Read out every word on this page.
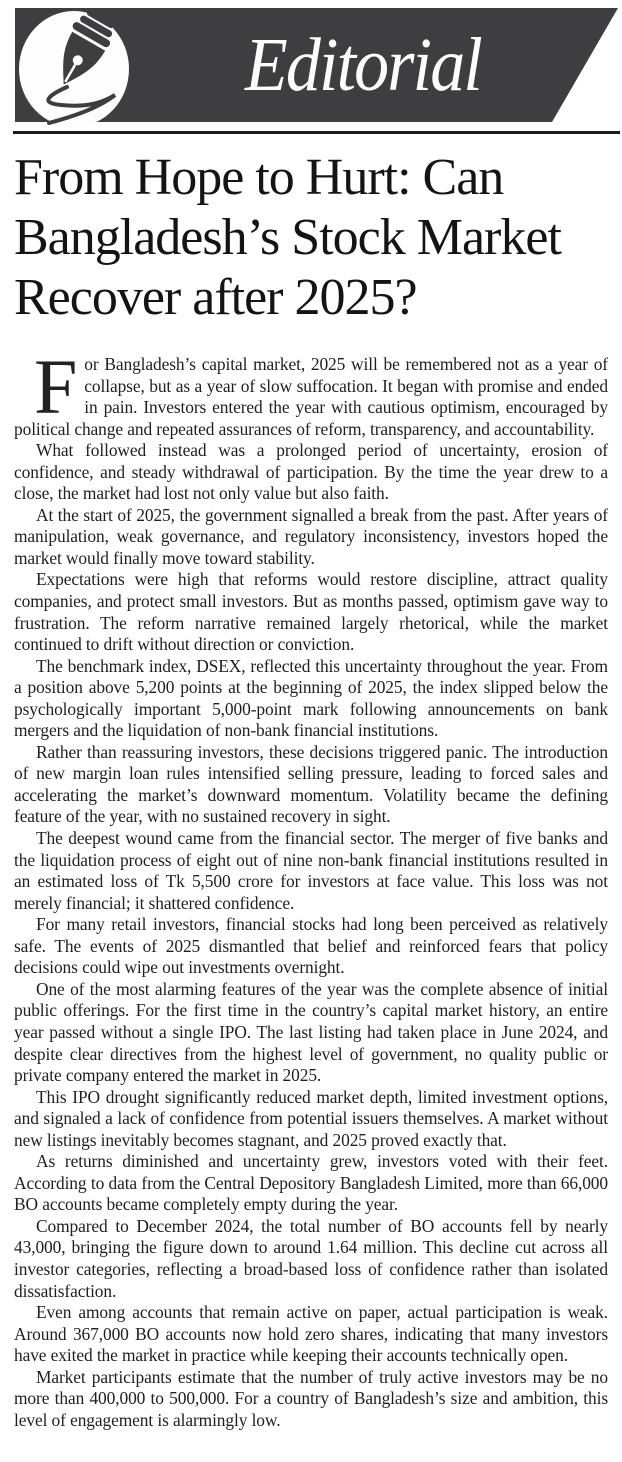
Editorial
From Hope to Hurt: Can
Bangladesh’s Stock Market
Recover after 2025?

For Bangladesh’s capital market, 2025 will be remembered not as a year of collapse, but as a year of slow suffocation. It began with promise and ended in pain. Investors entered the year with cautious optimism, encouraged by political change and repeated assurances of reform, transparency, and accountability.

What followed instead was a prolonged period of uncertainty, erosion of confidence, and steady withdrawal of participation. By the time the year drew to a close, the market had lost not only value but also faith.

At the start of 2025, the government signalled a break from the past. After years of manipulation, weak governance, and regulatory inconsistency, investors hoped the market would finally move toward stability.

Expectations were high that reforms would restore discipline, attract quality companies, and protect small investors. But as months passed, optimism gave way to frustration. The reform narrative remained largely rhetorical, while the market continued to drift without direction or conviction.

The benchmark index, DSEX, reflected this uncertainty throughout the year. From a position above 5,200 points at the beginning of 2025, the index slipped below the psychologically important 5,000-point mark following announcements on bank mergers and the liquidation of non-bank financial institutions.

Rather than reassuring investors, these decisions triggered panic. The introduction of new margin loan rules intensified selling pressure, leading to forced sales and accelerating the market’s downward momentum. Volatility became the defining feature of the year, with no sustained recovery in sight.

The deepest wound came from the financial sector. The merger of five banks and the liquidation process of eight out of nine non-bank financial institutions resulted in an estimated loss of Tk 5,500 crore for investors at face value. This loss was not merely financial; it shattered confidence.

For many retail investors, financial stocks had long been perceived as relatively safe. The events of 2025 dismantled that belief and reinforced fears that policy decisions could wipe out investments overnight.

One of the most alarming features of the year was the complete absence of initial public offerings. For the first time in the country’s capital market history, an entire year passed without a single IPO. The last listing had taken place in June 2024, and despite clear directives from the highest level of government, no quality public or private company entered the market in 2025.

This IPO drought significantly reduced market depth, limited investment options, and signaled a lack of confidence from potential issuers themselves. A market without new listings inevitably becomes stagnant, and 2025 proved exactly that.

As returns diminished and uncertainty grew, investors voted with their feet. According to data from the Central Depository Bangladesh Limited, more than 66,000 BO accounts became completely empty during the year.

Compared to December 2024, the total number of BO accounts fell by nearly 43,000, bringing the figure down to around 1.64 million. This decline cut across all investor categories, reflecting a broad-based loss of confidence rather than isolated dissatisfaction.

Even among accounts that remain active on paper, actual participation is weak. Around 367,000 BO accounts now hold zero shares, indicating that many investors have exited the market in practice while keeping their accounts technically open.

Market participants estimate that the number of truly active investors may be no more than 400,000 to 500,000. For a country of Bangladesh’s size and ambition, this level of engagement is alarmingly low.
